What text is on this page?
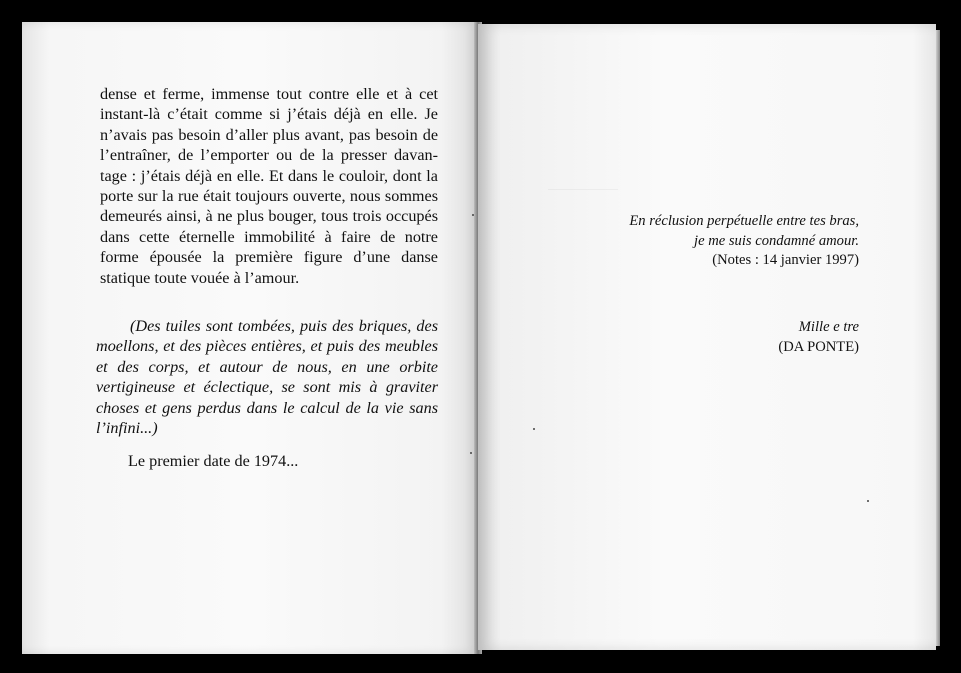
dense et ferme, immense tout contre elle et à cet
instant-là c’était comme si j’étais déjà en elle. Je
n’avais pas besoin d’aller plus avant, pas besoin de
l’entraîner, de l’emporter ou de la presser davan-
tage : j’étais déjà en elle. Et dans le couloir, dont la
porte sur la rue était toujours ouverte, nous sommes
demeurés ainsi, à ne plus bouger, tous trois occupés
dans cette éternelle immobilité à faire de notre
forme épousée la première figure d’une danse
statique toute vouée à l’amour.
(Des tuiles sont tombées, puis des briques, des
moellons, et des pièces entières, et puis des meubles
et des corps, et autour de nous, en une orbite
vertigineuse et éclectique, se sont mis à graviter
choses et gens perdus dans le calcul de la vie sans
l’infini...)
Le premier date de 1974...
En réclusion perpétuelle entre tes bras,
je me suis condamné amour.
(Notes : 14 janvier 1997)
Mille e tre
(DA PONTE)
